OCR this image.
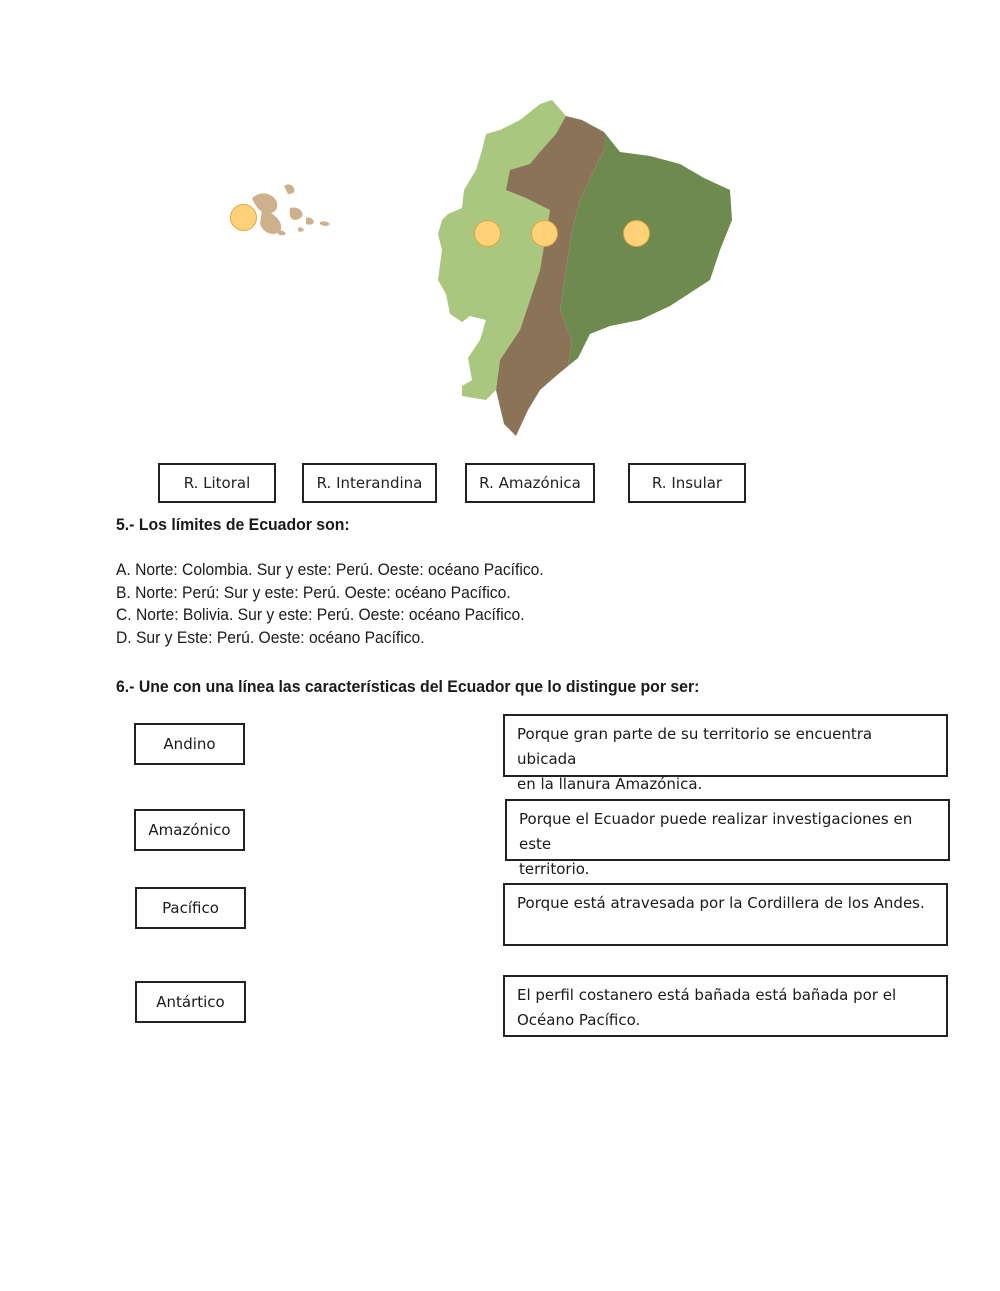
R. Litoral	R. Interandina	R. Amazónica	R. Insular
5.- Los límites de Ecuador son:
A. Norte: Colombia. Sur y este: Perú. Oeste: océano Pacífico.
B. Norte: Perú: Sur y este: Perú. Oeste: océano Pacífico.
C. Norte: Bolivia. Sur y este: Perú. Oeste: océano Pacífico.
D. Sur y Este: Perú. Oeste: océano Pacífico.
6.- Une con una línea las características del Ecuador que lo distingue por ser:
Andino
Amazónico
Pacífico
Antártico
Porque gran parte de su territorio se encuentra ubicada
en la llanura Amazónica.
Porque el Ecuador puede realizar investigaciones en este
territorio.
Porque está atravesada por la Cordillera de los Andes.
El perfil costanero está bañada está bañada por el
Océano Pacífico.
